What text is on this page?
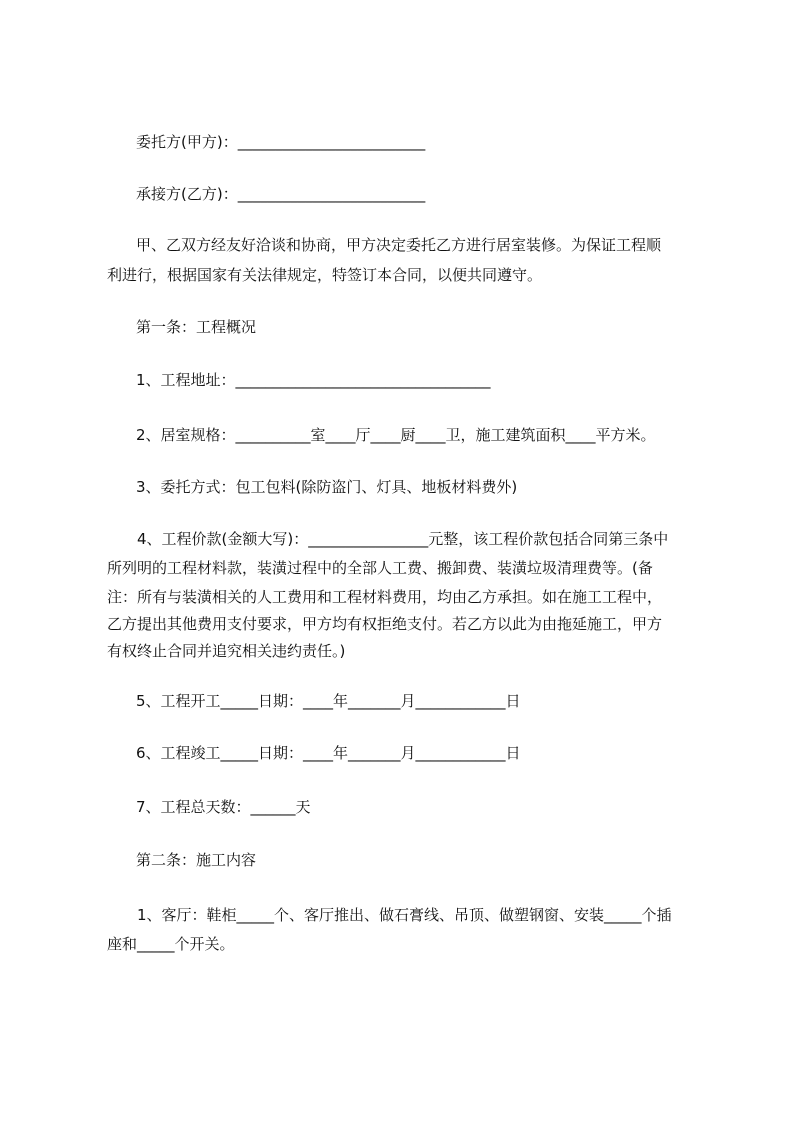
委托方(甲方)：_________________________
承接方(乙方)：_________________________
甲、乙双方经友好洽谈和协商，甲方决定委托乙方进行居室装修。为保证工程顺
利进行，根据国家有关法律规定，特签订本合同，以便共同遵守。
第一条：工程概况
1、工程地址：__________________________________
2、居室规格：__________室____厅____厨____卫，施工建筑面积____平方米。
3、委托方式：包工包料(除防盗门、灯具、地板材料费外)
4、工程价款(金额大写)：________________元整，该工程价款包括合同第三条中
所列明的工程材料款，装潢过程中的全部人工费、搬卸费、装潢垃圾清理费等。(备
注：所有与装潢相关的人工费用和工程材料费用，均由乙方承担。如在施工工程中，
乙方提出其他费用支付要求，甲方均有权拒绝支付。若乙方以此为由拖延施工，甲方
有权终止合同并追究相关违约责任。)
5、工程开工_____日期：____年_______月____________日
6、工程竣工_____日期：____年_______月____________日
7、工程总天数：______天
第二条：施工内容
1、客厅：鞋柜_____个、客厅推出、做石膏线、吊顶、做塑钢窗、安装_____个插
座和_____个开关。
